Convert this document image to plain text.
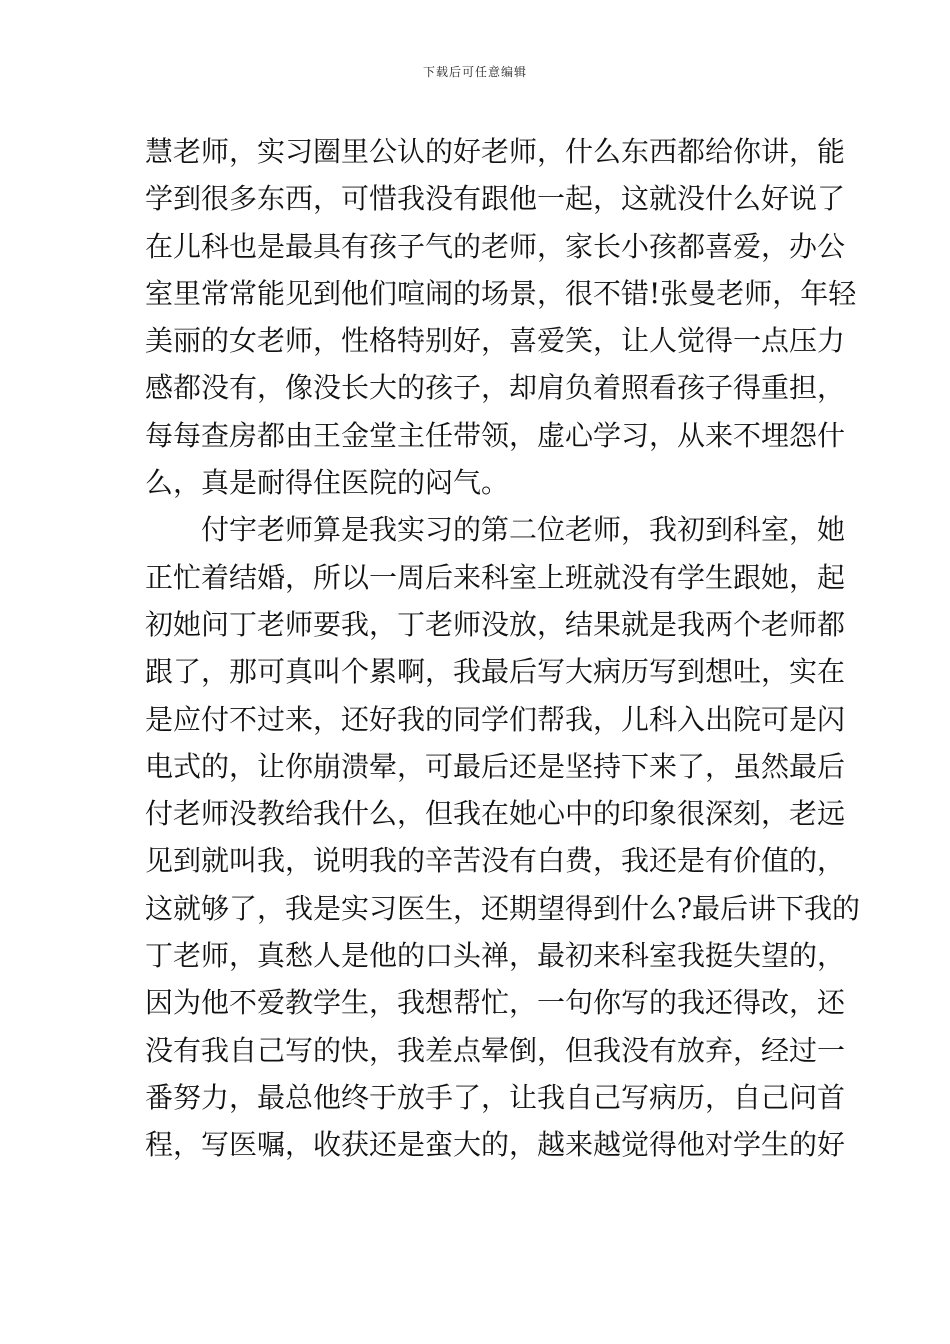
下载后可任意编辑
慧老师，实习圈里公认的好老师，什么东西都给你讲，能
学到很多东西，可惜我没有跟他一起，这就没什么好说了
在儿科也是最具有孩子气的老师，家长小孩都喜爱，办公
室里常常能见到他们喧闹的场景，很不错!张曼老师，年轻
美丽的女老师，性格特别好，喜爱笑，让人觉得一点压力
感都没有，像没长大的孩子，却肩负着照看孩子得重担，
每每查房都由王金堂主任带领，虚心学习，从来不埋怨什
么，真是耐得住医院的闷气。
　　付宇老师算是我实习的第二位老师，我初到科室，她
正忙着结婚，所以一周后来科室上班就没有学生跟她，起
初她问丁老师要我，丁老师没放，结果就是我两个老师都
跟了，那可真叫个累啊，我最后写大病历写到想吐，实在
是应付不过来，还好我的同学们帮我，儿科入出院可是闪
电式的，让你崩溃晕，可最后还是坚持下来了，虽然最后
付老师没教给我什么，但我在她心中的印象很深刻，老远
见到就叫我，说明我的辛苦没有白费，我还是有价值的，
这就够了，我是实习医生，还期望得到什么?最后讲下我的
丁老师，真愁人是他的口头禅，最初来科室我挺失望的，
因为他不爱教学生，我想帮忙，一句你写的我还得改，还
没有我自己写的快，我差点晕倒，但我没有放弃，经过一
番努力，最总他终于放手了，让我自己写病历，自己问首
程，写医嘱，收获还是蛮大的，越来越觉得他对学生的好
